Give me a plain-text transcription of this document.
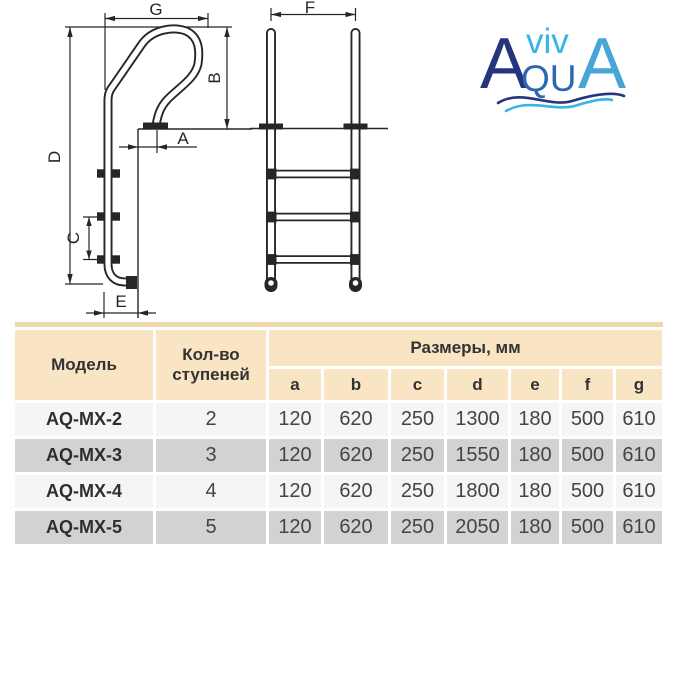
G	F
B
A
D
C
E
A
viv A
QU
Модель	Кол-во ступеней	Размеры, мм						
		a	b	c	d	e	f	g
AQ-MX-2	2	120	620	250	1300	180	500	610
AQ-MX-3	3	120	620	250	1550	180	500	610
AQ-MX-4	4	120	620	250	1800	180	500	610
AQ-MX-5	5	120	620	250	2050	180	500	610
